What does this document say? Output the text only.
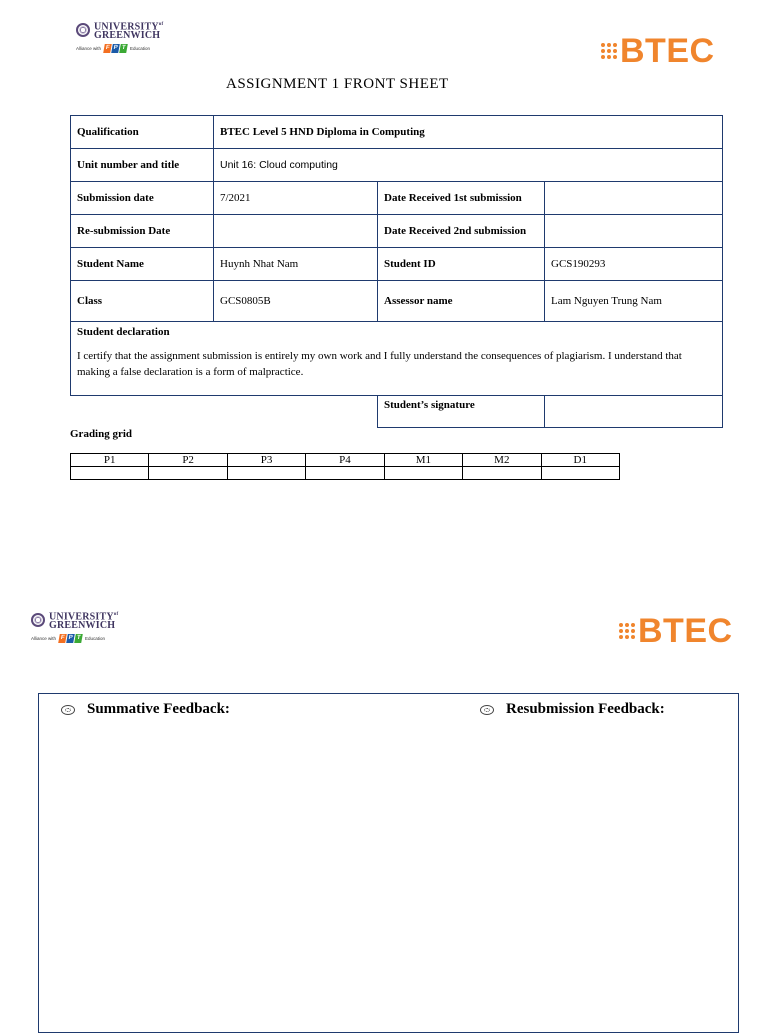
$UNIVERSITY^{of}$
GREENWICH
Alliance with F P T Education	BTEC
ASSIGNMENT 1 FRONT SHEET
Qualification	BTEC Level 5 HND Diploma in Computing		
Unit number and title	Unit 16: Cloud computing		
Submission date	7/2021	Date Received 1st submission	
Re-submission Date		Date Received 2nd submission	
Student Name	Huynh Nhat Nam	Student ID	GCS190293
Class	GCS0805B	Assessor name	Lam Nguyen Trung Nam

Student declaration

I certify that the assignment submission is entirely my own work and I fully understand the consequences of plagiarism. I understand that making a false declaration is a form of malpractice.			

		Student’s signature	
Grading grid
P1	P2	P3	P4	M1	M2	D1

$UNIVERSITY^{of}$
GREENWICH
Alliance with F P T Education	BTEC
Summative Feedback:	Resubmission Feedback:
